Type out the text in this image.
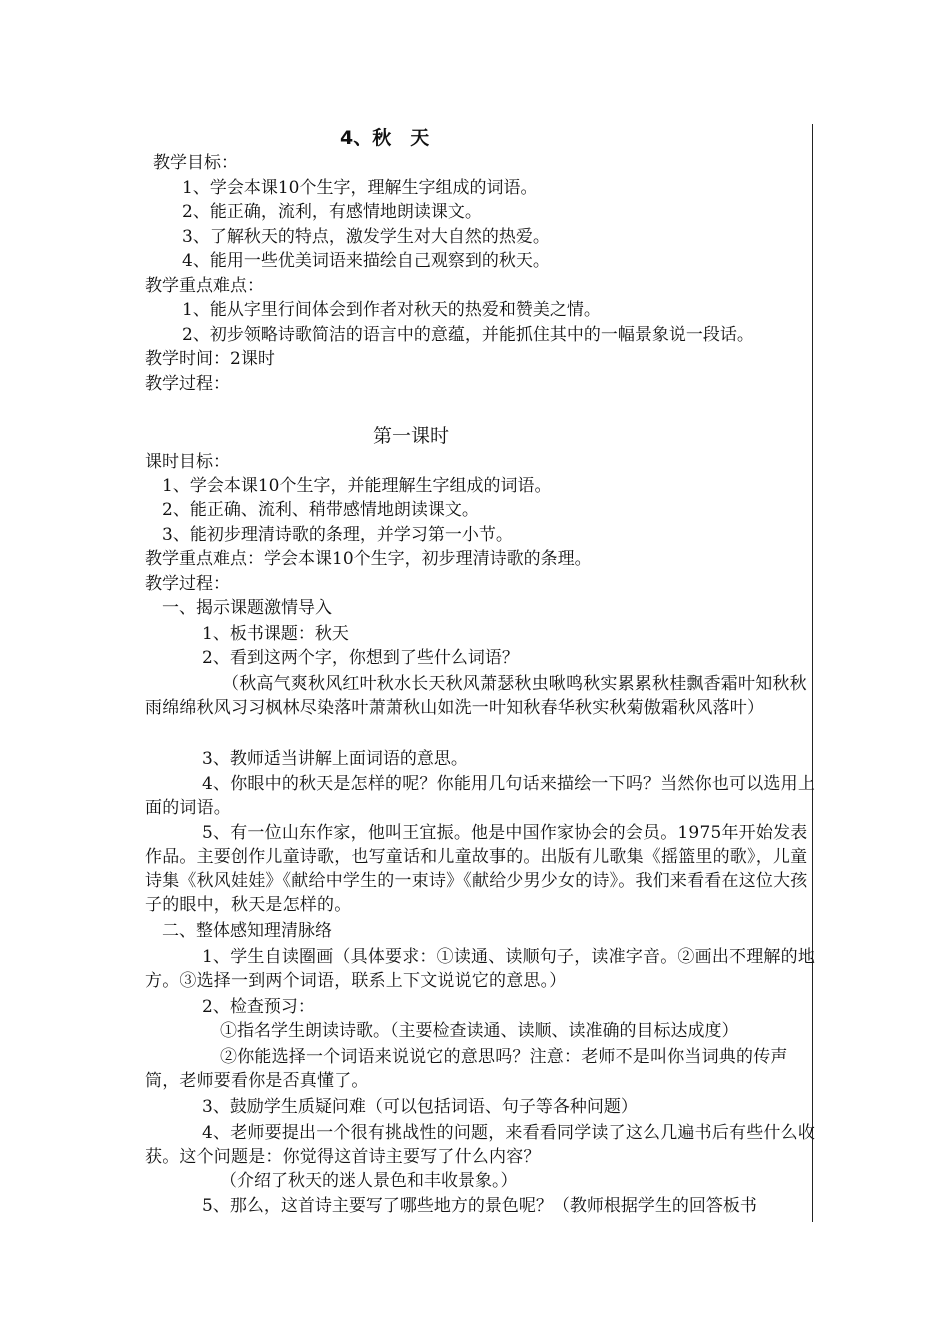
4、秋　天
教学目标：
1、学会本课10个生字，理解生字组成的词语。
2、能正确，流利，有感情地朗读课文。
3、了解秋天的特点，激发学生对大自然的热爱。
4、能用一些优美词语来描绘自己观察到的秋天。
教学重点难点：
1、能从字里行间体会到作者对秋天的热爱和赞美之情。
2、初步领略诗歌简洁的语言中的意蕴，并能抓住其中的一幅景象说一段话。
教学时间：2课时
教学过程：
第一课时
课时目标：
1、学会本课10个生字，并能理解生字组成的词语。
2、能正确、流利、稍带感情地朗读课文。
3、能初步理清诗歌的条理，并学习第一小节。
教学重点难点：学会本课10个生字，初步理清诗歌的条理。
教学过程：
一、揭示课题激情导入
1、板书课题：秋天
2、看到这两个字，你想到了些什么词语？
（秋高气爽秋风红叶秋水长天秋风萧瑟秋虫啾鸣秋实累累秋桂飘香霜叶知秋秋雨绵绵秋风习习枫林尽染落叶萧萧秋山如洗一叶知秋春华秋实秋菊傲霜秋风落叶）
3、教师适当讲解上面词语的意思。
4、你眼中的秋天是怎样的呢？你能用几句话来描绘一下吗？当然你也可以选用上面的词语。
5、有一位山东作家，他叫王宜振。他是中国作家协会的会员。1975年开始发表作品。主要创作儿童诗歌，也写童话和儿童故事的。出版有儿歌集《摇篮里的歌》，儿童诗集《秋风娃娃》《献给中学生的一束诗》《献给少男少女的诗》。我们来看看在这位大孩子的眼中，秋天是怎样的。
二、整体感知理清脉络
1、学生自读圈画（具体要求：①读通、读顺句子，读准字音。②画出不理解的地方。③选择一到两个词语，联系上下文说说它的意思。）
2、检查预习：
①指名学生朗读诗歌。（主要检查读通、读顺、读准确的目标达成度）
②你能选择一个词语来说说它的意思吗？注意：老师不是叫你当词典的传声筒，老师要看你是否真懂了。
3、鼓励学生质疑问难（可以包括词语、句子等各种问题）
4、老师要提出一个很有挑战性的问题，来看看同学读了这么几遍书后有些什么收获。这个问题是：你觉得这首诗主要写了什么内容？
（介绍了秋天的迷人景色和丰收景象。）
5、那么，这首诗主要写了哪些地方的景色呢？（教师根据学生的回答板书
